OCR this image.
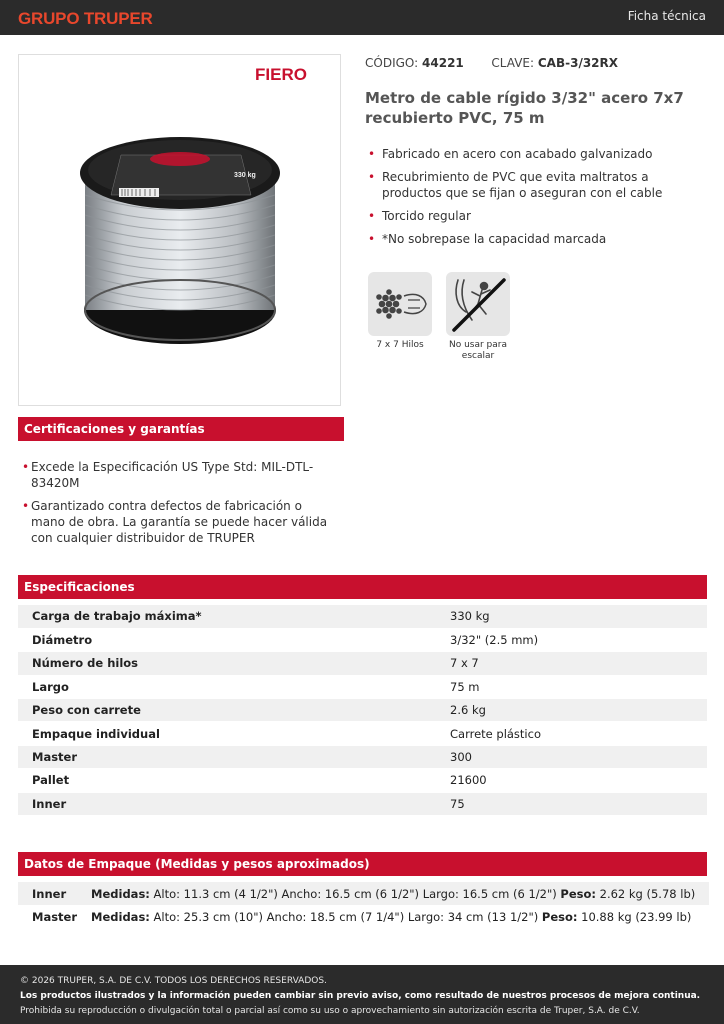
GRUPO TRUPER	Ficha técnica
FIERO
330 kg
CÓDIGO: 44221 CLAVE: CAB-3/32RX
Metro de cable rígido 3/32" acero 7x7 recubierto PVC, 75 m
• Fabricado en acero con acabado galvanizado
• Recubrimiento de PVC que evita maltratos a productos que se fijan o aseguran con el cable
• Torcido regular
• *No sobrepase la capacidad marcada
7 x 7 Hilos	No usar para escalar
Certificaciones y garantías
• Excede la Especificación US Type Std: MIL-DTL-83420M
• Garantizado contra defectos de fabricación o mano de obra. La garantía se puede hacer válida con cualquier distribuidor de TRUPER
Especificaciones
Carga de trabajo máxima*	330 kg
Diámetro	3/32" (2.5 mm)
Número de hilos	7 x 7
Largo	75 m
Peso con carrete	2.6 kg
Empaque individual	Carrete plástico
Master	300
Pallet	21600
Inner	75
Datos de Empaque (Medidas y pesos aproximados)
Inner	Medidas: Alto: 11.3 cm (4 1/2") Ancho: 16.5 cm (6 1/2") Largo: 16.5 cm (6 1/2") Peso: 2.62 kg (5.78 lb)
Master	Medidas: Alto: 25.3 cm (10") Ancho: 18.5 cm (7 1/4") Largo: 34 cm (13 1/2") Peso: 10.88 kg (23.99 lb)
© 2026 TRUPER, S.A. DE C.V. TODOS LOS DERECHOS RESERVADOS.
Los productos ilustrados y la información pueden cambiar sin previo aviso, como resultado de nuestros procesos de mejora continua.
Prohibida su reproducción o divulgación total o parcial así como su uso o aprovechamiento sin autorización escrita de Truper, S.A. de C.V.
